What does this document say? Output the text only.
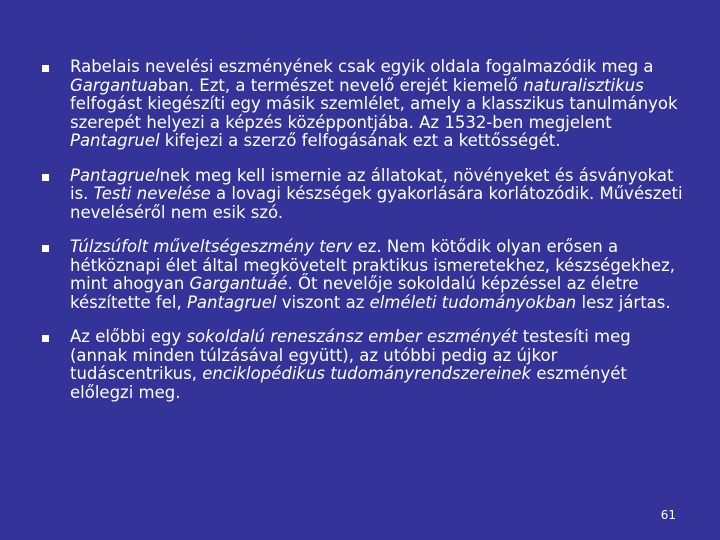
Rabelais nevelési eszményének csak egyik oldala fogalmazódik meg a Gargantuaban. Ezt, a természet nevelő erejét kiemelő naturalisztikus felfogást kiegészíti egy másik szemlélet, amely a klasszikus tanulmányok szerepét helyezi a képzés középpontjába. Az 1532-ben megjelent Pantagruel kifejezi a szerző felfogásának ezt a kettősségét.
Pantagruelnek meg kell ismernie az állatokat, növényeket és ásványokat is. Testi nevelése a lovagi készségek gyakorlására korlátozódik. Művészeti neveléséről nem esik szó.
Túlzsúfolt műveltségeszmény terv ez. Nem kötődik olyan erősen a hétköznapi élet által megkövetelt praktikus ismeretekhez, készségekhez, mint ahogyan Gargantuáé. Őt nevelője sokoldalú képzéssel az életre készítette fel, Pantagruel viszont az elméleti tudományokban lesz jártas.
Az előbbi egy sokoldalú reneszánsz ember eszményét testesíti meg (annak minden túlzásával együtt), az utóbbi pedig az újkor tudáscentrikus, enciklopédikus tudományrendszereinek eszményét előlegzi meg.
61
